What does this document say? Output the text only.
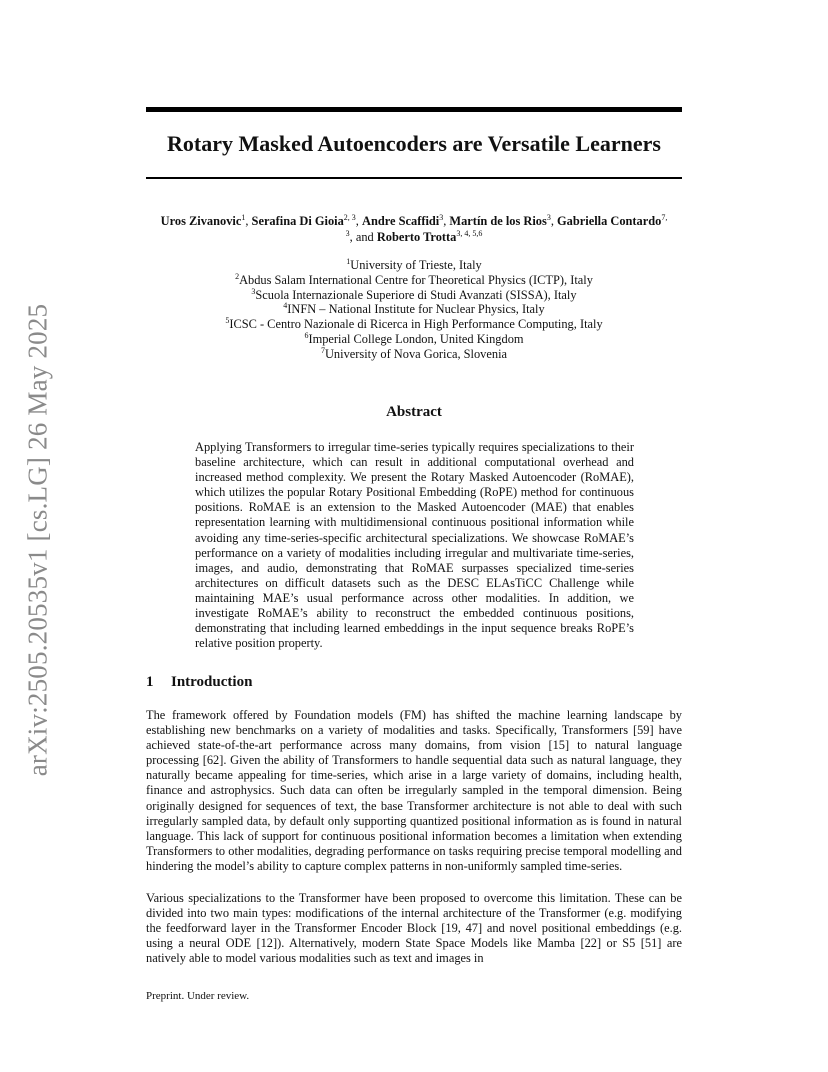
arXiv:2505.20535v1 [cs.LG] 26 May 2025
Rotary Masked Autoencoders are Versatile Learners
Uros Zivanovic$^1$, Serafina Di Gioia$^{2, 3}$, Andre Scaffidi$^3$, Martín de los Rios$^3$, Gabriella Contardo$^{7, 3}$, and Roberto Trotta$^{3, 4, 5,6}$
$^1$University of Trieste, Italy
$^2$Abdus Salam International Centre for Theoretical Physics (ICTP), Italy
$^3$Scuola Internazionale Superiore di Studi Avanzati (SISSA), Italy
$^4$INFN – National Institute for Nuclear Physics, Italy
$^5$ICSC - Centro Nazionale di Ricerca in High Performance Computing, Italy
$^6$Imperial College London, United Kingdom
$^7$University of Nova Gorica, Slovenia
Abstract

Applying Transformers to irregular time-series typically requires specializations to their baseline architecture, which can result in additional computational overhead and increased method complexity. We present the Rotary Masked Autoencoder (RoMAE), which utilizes the popular Rotary Positional Embedding (RoPE) method for continuous positions. RoMAE is an extension to the Masked Autoencoder (MAE) that enables representation learning with multidimensional continuous positional information while avoiding any time-series-specific architectural specializations. We showcase RoMAE’s performance on a variety of modalities including irregular and multivariate time-series, images, and audio, demonstrating that RoMAE surpasses specialized time-series architectures on difficult datasets such as the DESC ELAsTiCC Challenge while maintaining MAE’s usual performance across other modalities. In addition, we investigate RoMAE’s ability to reconstruct the embedded continuous positions, demonstrating that including learned embeddings in the input sequence breaks RoPE’s relative position property.

1 Introduction

The framework offered by Foundation models (FM) has shifted the machine learning landscape by establishing new benchmarks on a variety of modalities and tasks. Specifically, Transformers [59] have achieved state-of-the-art performance across many domains, from vision [15] to natural language processing [62]. Given the ability of Transformers to handle sequential data such as natural language, they naturally became appealing for time-series, which arise in a large variety of domains, including health, finance and astrophysics. Such data can often be irregularly sampled in the temporal dimension. Being originally designed for sequences of text, the base Transformer architecture is not able to deal with such irregularly sampled data, by default only supporting quantized positional information as is found in natural language. This lack of support for continuous positional information becomes a limitation when extending Transformers to other modalities, degrading performance on tasks requiring precise temporal modelling and hindering the model’s ability to capture complex patterns in non-uniformly sampled time-series.

Various specializations to the Transformer have been proposed to overcome this limitation. These can be divided into two main types: modifications of the internal architecture of the Transformer (e.g. modifying the feedforward layer in the Transformer Encoder Block [19, 47] and novel positional embeddings (e.g. using a neural ODE [12]). Alternatively, modern State Space Models like Mamba [22] or S5 [51] are natively able to model various modalities such as text and images in

Preprint. Under review.
